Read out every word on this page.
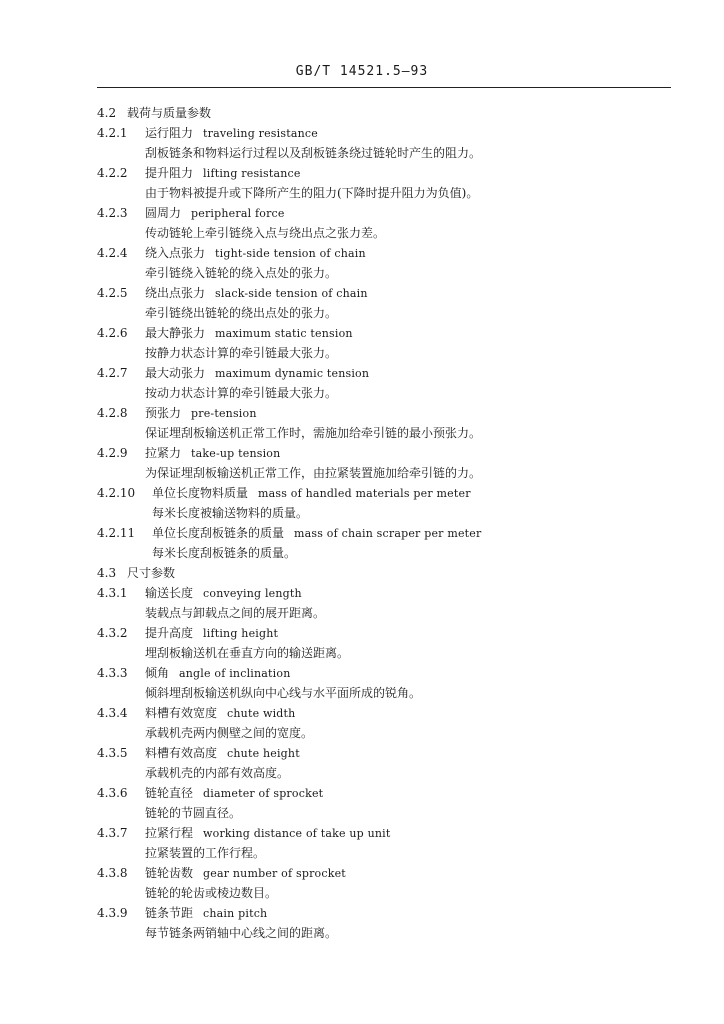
GB/T 14521.5—93
4.2 载荷与质量参数
4.2.1 运行阻力 traveling resistance
刮板链条和物料运行过程以及刮板链条绕过链轮时产生的阻力。
4.2.2 提升阻力 lifting resistance
由于物料被提升或下降所产生的阻力(下降时提升阻力为负值)。
4.2.3 圆周力 peripheral force
传动链轮上牵引链绕入点与绕出点之张力差。
4.2.4 绕入点张力 tight-side tension of chain
牵引链绕入链轮的绕入点处的张力。
4.2.5 绕出点张力 slack-side tension of chain
牵引链绕出链轮的绕出点处的张力。
4.2.6 最大静张力 maximum static tension
按静力状态计算的牵引链最大张力。
4.2.7 最大动张力 maximum dynamic tension
按动力状态计算的牵引链最大张力。
4.2.8 预张力 pre-tension
保证埋刮板输送机正常工作时，需施加给牵引链的最小预张力。
4.2.9 拉紧力 take-up tension
为保证埋刮板输送机正常工作，由拉紧装置施加给牵引链的力。
4.2.10 单位长度物料质量 mass of handled materials per meter
每米长度被输送物料的质量。
4.2.11 单位长度刮板链条的质量 mass of chain scraper per meter
每米长度刮板链条的质量。
4.3 尺寸参数
4.3.1 输送长度 conveying length
装载点与卸载点之间的展开距离。
4.3.2 提升高度 lifting height
埋刮板输送机在垂直方向的输送距离。
4.3.3 倾角 angle of inclination
倾斜埋刮板输送机纵向中心线与水平面所成的锐角。
4.3.4 料槽有效宽度 chute width
承载机壳两内侧壁之间的宽度。
4.3.5 料槽有效高度 chute height
承载机壳的内部有效高度。
4.3.6 链轮直径 diameter of sprocket
链轮的节圆直径。
4.3.7 拉紧行程 working distance of take up unit
拉紧装置的工作行程。
4.3.8 链轮齿数 gear number of sprocket
链轮的轮齿或棱边数目。
4.3.9 链条节距 chain pitch
每节链条两销轴中心线之间的距离。
